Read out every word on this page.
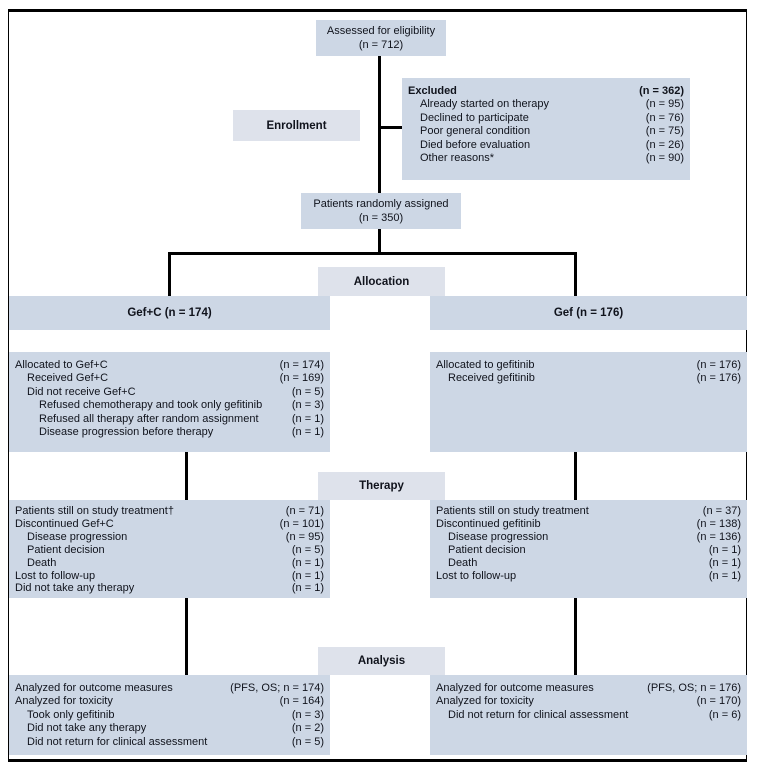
Assessed for eligibility
(n = 712)
Excluded	(n = 362)
Already started on therapy	(n = 95)
Declined to participate	(n = 76)
Poor general condition	(n = 75)
Died before evaluation	(n = 26)
Other reasons*	(n = 90)
Enrollment
Patients randomly assigned
(n = 350)
Allocation
Gef+C (n = 174)	Gef (n = 176)
Allocated to Gef+C	(n = 174)
Received Gef+C	(n = 169)
Did not receive Gef+C	(n = 5)
Refused chemotherapy and took only gefitinib	(n = 3)
Refused all therapy after random assignment	(n = 1)
Disease progression before therapy	(n = 1)
Allocated to gefitinib	(n = 176)
Received gefitinib	(n = 176)
Therapy
Patients still on study treatment†	(n = 71)
Discontinued Gef+C	(n = 101)
Disease progression	(n = 95)
Patient decision	(n = 5)
Death	(n = 1)
Lost to follow-up	(n = 1)
Did not take any therapy	(n = 1)
Patients still on study treatment	(n = 37)
Discontinued gefitinib	(n = 138)
Disease progression	(n = 136)
Patient decision	(n = 1)
Death	(n = 1)
Lost to follow-up	(n = 1)
Analysis
Analyzed for outcome measures	(PFS, OS; n = 174)
Analyzed for toxicity	(n = 164)
Took only gefitinib	(n = 3)
Did not take any therapy	(n = 2)
Did not return for clinical assessment	(n = 5)
Analyzed for outcome measures	(PFS, OS; n = 176)
Analyzed for toxicity	(n = 170)
Did not return for clinical assessment	(n = 6)
